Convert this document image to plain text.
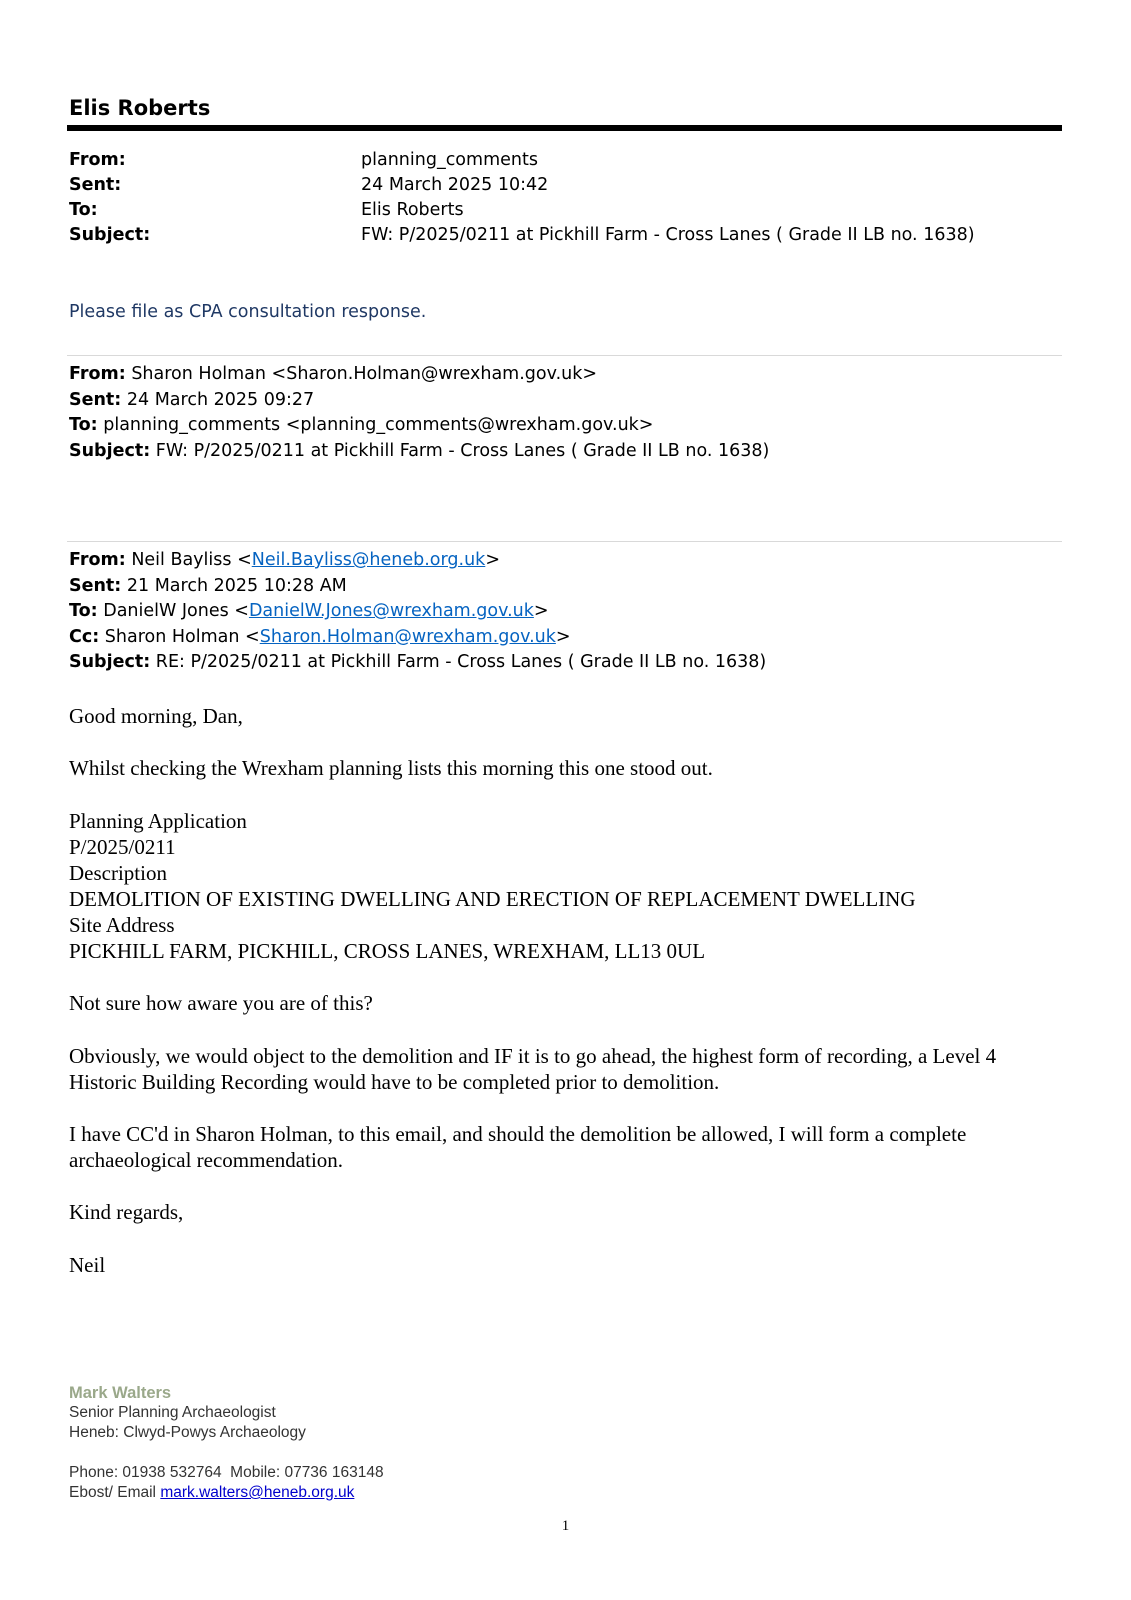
Elis Roberts
From:	planning_comments
Sent:	24 March 2025 10:42
To:	Elis Roberts
Subject:	FW: P/2025/0211 at Pickhill Farm - Cross Lanes ( Grade II LB no. 1638)
Please file as CPA consultation response.
From: Sharon Holman <Sharon.Holman@wrexham.gov.uk>
Sent: 24 March 2025 09:27
To: planning_comments <planning_comments@wrexham.gov.uk>
Subject: FW: P/2025/0211 at Pickhill Farm - Cross Lanes ( Grade II LB no. 1638)
From: Neil Bayliss <Neil.Bayliss@heneb.org.uk>
Sent: 21 March 2025 10:28 AM
To: DanielW Jones <DanielW.Jones@wrexham.gov.uk>
Cc: Sharon Holman <Sharon.Holman@wrexham.gov.uk>
Subject: RE: P/2025/0211 at Pickhill Farm - Cross Lanes ( Grade II LB no. 1638)
Good morning, Dan,
Whilst checking the Wrexham planning lists this morning this one stood out.

Planning Application

P/2025/0211

Description

DEMOLITION OF EXISTING DWELLING AND ERECTION OF REPLACEMENT DWELLING

Site Address

PICKHILL FARM, PICKHILL, CROSS LANES, WREXHAM, LL13 0UL

Not sure how aware you are of this?
Obviously, we would object to the demolition and IF it is to go ahead, the highest form of recording, a Level 4 Historic Building Recording would have to be completed prior to demolition.
I have CC'd in Sharon Holman, to this email, and should the demolition be allowed, I will form a complete archaeological recommendation.
Kind regards,
Neil
Mark Walters
Senior Planning Archaeologist
Heneb: Clwyd-Powys Archaeology
Phone: 01938 532764  Mobile: 07736 163148
Ebost/ Email mark.walters@heneb.org.uk
1
